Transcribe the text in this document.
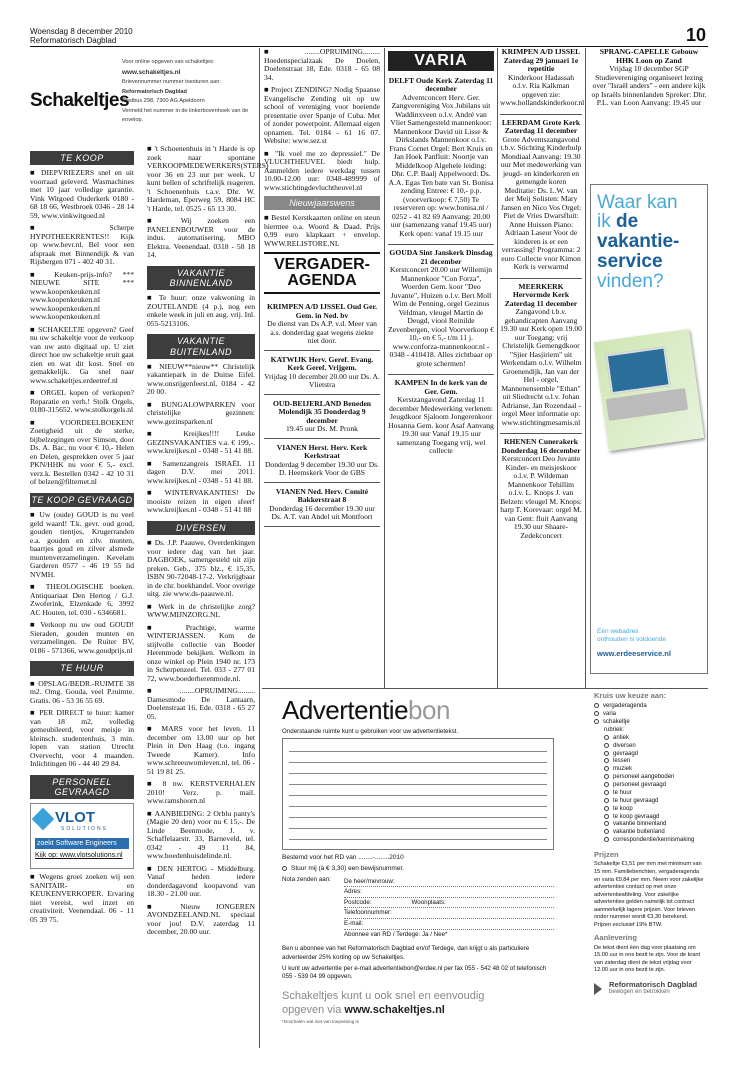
Woensdag 8 december 2010
Reformatorisch Dagblad	10
Schakeltjes
Voor online opgeven van schakeltjes:
www.schakeltjes.nl
Brievennummer nummer toesturen aan:
Reformatorisch Dagblad
Postbus 298, 7300 AG Apeldoorn
Vermeld het nummer in de linkerbovenhoek van de envelop.
TE KOOP

■ DIEPVRIEZERS snel en uit voorraad geleverd. Wasmachines met 10 jaar volledige garantie. Vink Witgoed Ouderkerk 0180 - 68 18 66, Westbroek 0346 - 28 14 59, www.vinkwitgoed.nl

■ Scherpe HYPOTHEEKRENTES!! Kijk op www.bevr.nl. Bel voor een afspraak met Binnendijk & van Rijsbergen 071 - 402 40 31.

■ Keuken-prijs-info? *** NIEUWE SITE *** www.koopenkeuken.nl www.koopenkeuken.nl www.koopenkeuken.nl www.koopenkeuken.nl

■ SCHAKELTJE opgeven? Geef nu uw schakeltje voor de verkoop van uw auto digitaal op. U ziet direct hoe uw schakeltje eruit gaat zien en wat dit kost. Snel en gemakkelijk. Ga snel naar www.schakeltjes.erdeetref.nl

■ ORGEL kopen of verkopen? Reparatie en verh.! Stolk Orgels, 0180-315652. www.stolkorgels.nl

■ VOORDEELBOEKEN! Zoetigheid uit de sterke, bijbelzegingen over Simson, door Ds. A. Bac, nu voor € 10,- Helen en Delen, gesprekken over 5 jaar PKN/HHK nu voor € 5,- excl. verz.k. Bestellen 0342 - 42 10 31 of belzen@filternet.nl

TE KOOP GEVRAAGD

■ Uw (oude) GOUD is nu veel geld waard! T.k. gevr. oud goud, gouden tientjes, Krugerranden e.a. gouden en zilv. munten, baartjes goud en zilver alsmede muntenverzamelingen. Kevelam Garderen 0577 - 46 19 55 lid NVMH.

■ THEOLOGISCHE boeken. Antiquariaat Den Hertog / G.J. Zwoferink, Elzenkade 6, 3992 AC Houten, tel. 030 - 6346681.

■ Verkoop nu uw oud GOUD! Sieraden, gouden munten en verzamelingen. De Ruiter BV, 0186 - 571366, www.goudprijs.nl

TE HUUR

■ OPSLAG/BEDR.-RUIMTE 38 m2. Omg. Gouda, veel P.ruimte. Gratis. 06 - 53 36 55 69.

■ PER DIRECT te huur: kamer van 18 m2, volledig gemeubileerd, voor meisje in kleinsch. studentenhuis, 3 min. lopen van station Utrecht Overvecht, voor 4 maanden. Inlichtingen 06 - 44 40 29 84.

PERSONEEL GEVRAAGD
VLOT
SOLUTIONS
zoekt Software Engineers
Kijk op: www.vlotsolutions.nl

■ Wegens groei zoeken wij een SANITAIR- en KEUKENVERKOPER. Ervaring niet vereist, wel inzet en creativiteit. Veenendaal. 06 - 11 05 39 75.

■ 't Schoenenhuis in 't Harde is op zoek naar spontane VERKOOPMEDEWERKERS(STERS) voor 36 en 23 uur per week. U kunt bellen of schriftelijk reageren. 't Schoenenhuis t.a.v. Dhr. W. Hardeman, Eperweg 59, 8084 HC 't Harde, tel. 0525 - 65 13 30.

■ Wij zoeken een PANELENBOUWER voor de indus. automatisering, MBO Elektra. Veenendaal. 0318 - 58 18 14.

VAKANTIE BINNENLAND

■ Te huur: onze vakwoning in ZOUTELANDE (4 p.), nog een enkele week in juli en aug. vrij. Inl. 055-5213106.

VAKANTIE BUITENLAND

■ NIEUW**nieuw** Christelijk vakantiepark in de Duitse Eifel. www.onsrijgenfeest.nl, 0184 - 42 20 00.

■ BUNGALOWPARKEN voor christelijke gezinnen: www.gezinsparken.nl

■ Kreijkes!!!! Leuke GEZINSVAKANTIES v.a. € 199,-. www.kreijkes.nl - 0348 - 51 41 88.

■ Samenzangreis ISRAËL 11 dagen D.V. mei 2011. www.kreijkes.nl - 0348 - 51 41 88.

■ WINTERVAKANTIES! De mooiste reizen in eigen sfeer! www.kreijkes.nl - 0348 - 51 41 88

DIVERSEN

■ Ds. J.P. Paauwe, Overdenkingen voor iedere dag van het jaar. DAGBOEK, samengesteld uit zijn preken. Geb., 375 blz., € 15,35, ISBN 90-72048-17-2. Verkrijgbaar in de chr. boekhandel. Voor overige uitg. zie www.ds-paauwe.nl.

■ Werk in de christelijke zorg? WWW.MIJNZORG.NL

■ Prachtige, warme WINTERJASSEN. Kom de stijlvolle collectie van Boeder Herenmode bekijken. Welkom in onze winkel op Plein 1940 nr. 173 in Scherpenzeel. Tel. 033 - 277 01 72, www.boederherenmode.nl.

■ ........OPRUIMING......... Damesmode De Lantaarn, Doelenstraat 16, Ede. 0318 - 65 27 05.

■ MARS voor het leven. 11 december om 13.00 uur op het Plein in Den Haag (t.o. ingang Tweede Kamer). Info www.schreeuwomleven.nl, tel. 06 - 51 19 81 25.

■ 8 nw. KERSTVERHALEN 2010! Verz. p. mail. www.ramshoorn.nl

■ AANBIEDING: 2 Orblu panty's (Magie 20 den) voor nu € 15,-. De Linde Beenmode, J. v. Schaffelaarstr. 33, Barneveld, tel. 0342 - 49 11 84, www.hoedenhuisdelinde.nl.

■ DEN HERTOG - Middelburg. Vanaf heden iedere donderdagavond koopavond van 18.30 - 21.00 uur.

■ Nieuw JONGEREN AVONDZEELAND.NL speciaal voor jou! D.V. zaterdag 11 december, 20.00 uur.

■ ........OPRUIMING......... Hoedenspecialzaak De Doelen, Doelenstraat 18, Ede. 0318 - 65 08 34.

■ Project ZENDING? Nodig Spaanse Evangelische Zending uit op uw school of vereniging voor boeiende presentatie over Spanje of Cuba. Met of zonder powerpoint. Allemaal eigen opnamen. Tel. 0184 - 61 16 07. Website: www.sez.st

■ "Ik voel me zo depressief." De VLUCHTHEUVEL biedt hulp. Aanmelden iedere werkdag tussen 10.00-12.00 uur: 0348-489999 of www.stichtingdevluchtheuvel.nl

Nieuwjaarswens

■ Bestel Kerstkaarten online en steun hiermee o.a. Woord & Daad. Prijs 0,99 euro klapkaart + envelop. WWW.RELISTORE.NL

VERGADER-AGENDA
KRIMPEN A/D IJSSEL Oud Ger. Gem. in Ned. bv
De dienst van Ds A.P. v.d. Meer van a.s. donderdag gaat wegens ziekte niet door.
KATWIJK Herv. Geref. Evang. Kerk Geref. Vrijgem.
Vrijdag 10 december 20.00 uur Ds. A. Vlietstra
OUD-BEIJERLAND Beneden Molendijk 35 Donderdag 9 december
19.45 uur Ds. M. Pronk
VIANEN Herst. Herv. Kerk Kerkstraat
Donderdag 9 december 19.30 uur Ds. D. Heemskerk Voor de GBS
VIANEN Ned. Herv. Comité Bakkerstraat 8
Donderdag 16 december 19.30 uur Ds. A.T. van Andel uit Montfoort
VARIA
DELFT Oude Kerk Zaterdag 11 december
Adventconcert Herv. Ger. Zangvereniging Vox Jubilans uit Waddinxveen o.l.v. André van Vliet Samengesteld mannenkoor: Mannenkoor David uit Lisse & Dirkslands Mannenkoor o.l.v. Frans Cornet Orgel: Bert Kruis en Jan Hoek Panfluit: Noortje van Middelkoop Algehele leiding: Dhr. C.P. Baalj Appelwoord: Ds. A.A. Egas Ten bate van St. Bonisa zending Entree: € 10,- p.p. (voorverkoop: € 7,50) Te reserveren op: www.bonisa.nl / 0252 - 41 82 69 Aanvang: 20.00 uur (samenzang vanaf 19.45 uur) Kerk open: vanaf 19.15 uur
GOUDA Sint Janskerk Dinsdag 21 december
Kerstconcert 20.00 uur Willemijn Mannenkoor "Con Forza", Woerden Gem. koor "Deo Juvante", Huizen o.l.v. Bert Moll Wim de Penning, orgel Gezinus Veldman, vleugel Martin de Deugd, viool Reinilde Zevenbergen, viool Voorverkoop € 10,- en € 5,- t/m 11 j. www.conforza-mannenkoor.nl - 0348 - 410418. Alles zichtbaar op grote schermen!
KAMPEN In de kerk van de Ger. Gem.
Kerstzangavond Zaterdag 11 december Medewerking verlenen: Jeugdkoor Sjaloom Jongerenkoor Hosanna Gem. koor Asaf Aanvang 19.30 uur Vanaf 19.15 uur samenzang Toegang vrij, wel collecte
KRIMPEN A/D IJSSEL Zaterdag 29 januari 1e repetitie
Kinderkoor Hadassah o.l.v. Ria Kalkman opgeven zie: www.hollandskinderkoor.nl
LEERDAM Grote Kerk Zaterdag 11 december
Grote Adventszangavond t.b.v. Stichting Kinderhulp Mondiaal Aanvang: 19.30 uur Met medewerking van jeugd- en kinderkoren en gemengde koren Meditatie: Ds. L.W. van der Meij Solisten: Mary Jansen en Nico Vos Orgel: Piet de Vries Dwarsfluit: Anne Huissen Piano: Adriaan Laseur Voor de kinderen is er een verrassing! Programma: 2 euro Collecte voor Kimon Kerk is verwarmd
MEERKERK Hervormde Kerk Zaterdag 11 december
Zangavond t.b.v. gehandicapten Aanvang 19.30 uur Kerk open 19.00 uur Toegang: vrij Christelijk Gemengdkoor "Sjier Hasjiriem" uit Werkendam o.l.v. Wilhelm Groenendijk, Jan van der Hel - orgel, Mannenensemble "Ethan" uit Sliedrecht o.l.v. Johan Adrianse, Jan Rozendaal - orgel Meer informatie op: www.stichtingmesamis.nl
RHENEN Cunerakerk Donderdag 16 december
Kerstconcert Deo Juvante Kinder- en meisjeskoor o.l.v. P. Wildeman Mannenkoor Tehillim o.l.v. L. Knops J. van Belzen: vleugel M. Knops: harp T. Korevaar: orgel M. van Gent: fluit Aanvang 19.30 uur Shaare-Zedekconcert
SPRANG-CAPELLE Gebouw HHK Loon op Zand
Vrijdag 10 december SGP Studievereniging organiseert lezing over "Israël anders" - een andere kijk op Israëls binnenlanden Spreker: Dhr. P.L. van Loon Aanvang: 19.45 uur
Waar kan
ik de
vakantie-
service
vinden?
Eén webadres
onthouden is voldoende
www.erdeeservice.nl
Advertentiebon
Onderstaande ruimte kunt u gebruiken voor uw advertentietekst.
Bestemd voor het RD van ........-........2010
Stuur mij (à € 3,30) een bewijsnummer.
Nota zenden aan:	De heer/mevrouw:
Adres:
Postcode:	Woonplaats:
Telefoonnummer:
E-mail:
Abonnee van RD / Terdege: Ja / Nee*
Ben u abonnee van het Reformatorisch Dagblad en/of Terdege, dan krijgt u als particuliere adverteerder 25% korting op uw Schakeltjes.
U kunt uw advertentie per e-mail advertentiebon@erdee.nl per fax 055 - 542 48 02 of telefonisch 055 - 539 04 99 opgeven.
Schakeltjes kunt u ook snel en eenvoudig
opgeven via www.schakeltjes.nl
*Doorhalen wat niet van toepassing is
Kruis uw keuze aan:
vergaderagenda
varia
schakeltje
rubriek:
antiek
diversen
gevraagd
lessen
muziek
personeel aangeboden
personeel gevraagd
te huur
te huur gevraagd
te koop
te koop gevraagd
vakantie binnenland
vakantie buitenland
correspondentie/kennismaking
Prijzen
Schakeltje €1,51 per mm met minimum van 15 mm. Familieberichten, vergaderagenda en varia €0,84 per mm. Neem voor zakelijke advertenties contact op met onze advertentieafdeling. Voor zakelijke advertenties gelden namelijk tot contract aanmerkelijk lagere prijzen. Voor brieven onder nummer wordt €3,30 berekend. Prijzen exclusief 19% BTW.
Aanlevering
De tekst dient één dag voor plaatsing om 15.00 uur in ons bezit te zijn. Voor de krant van zaterdag dient de tekst vrijdag voor 12.00 uur in ons bezit te zijn.
Reformatorisch Dagblad
bewogen en betrokken
